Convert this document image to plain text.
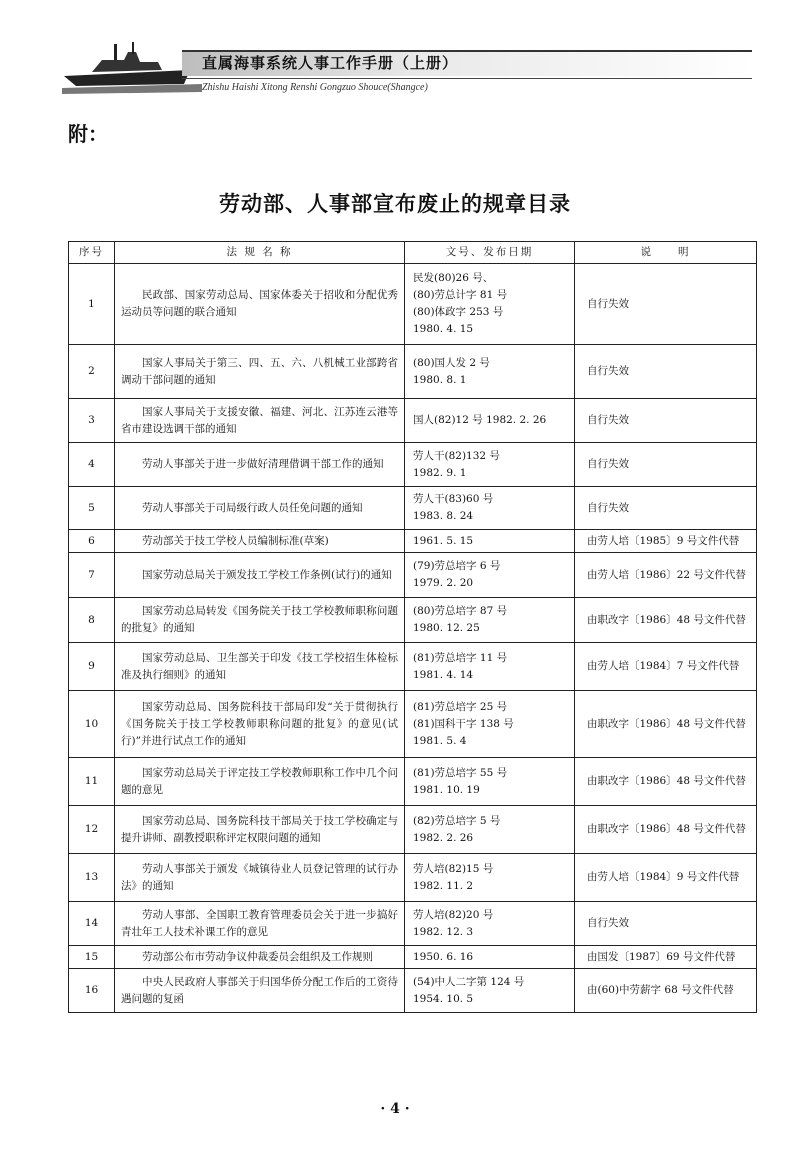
直属海事系统人事工作手册（上册）
Zhishu Haishi Xitong Renshi Gongzuo Shouce(Shangce)
附：
劳动部、人事部宣布废止的规章目录
序号	法 规 名 称	文号、发布日期	说　　明
1	民政部、国家劳动总局、国家体委关于招收和分配优秀运动员等问题的联合通知	民发(80)26 号、
(80)劳总计字 81 号
(80)体政字 253 号
1980. 4. 15	自行失效
2	国家人事局关于第三、四、五、六、八机械工业部跨省调动干部问题的通知	(80)国人发 2 号
1980. 8. 1	自行失效
3	国家人事局关于支援安徽、福建、河北、江苏连云港等省市建设选调干部的通知	国人(82)12 号 1982. 2. 26	自行失效
4	劳动人事部关于进一步做好清理借调干部工作的通知	劳人干(82)132 号
1982. 9. 1	自行失效
5	劳动人事部关于司局级行政人员任免问题的通知	劳人干(83)60 号
1983. 8. 24	自行失效
6	劳动部关于技工学校人员编制标准(草案)	1961. 5. 15	由劳人培〔1985〕9 号文件代替
7	国家劳动总局关于颁发技工学校工作条例(试行)的通知	(79)劳总培字 6 号
1979. 2. 20	由劳人培〔1986〕22 号文件代替
8	国家劳动总局转发《国务院关于技工学校教师职称问题的批复》的通知	(80)劳总培字 87 号
1980. 12. 25	由职改字〔1986〕48 号文件代替
9	国家劳动总局、卫生部关于印发《技工学校招生体检标准及执行细则》的通知	(81)劳总培字 11 号
1981. 4. 14	由劳人培〔1984〕7 号文件代替
10	国家劳动总局、国务院科技干部局印发“关于贯彻执行《国务院关于技工学校教师职称问题的批复》的意见(试行)”并进行试点工作的通知	(81)劳总培字 25 号
(81)国科干字 138 号
1981. 5. 4	由职改字〔1986〕48 号文件代替
11	国家劳动总局关于评定技工学校教师职称工作中几个问题的意见	(81)劳总培字 55 号
1981. 10. 19	由职改字〔1986〕48 号文件代替
12	国家劳动总局、国务院科技干部局关于技工学校确定与提升讲师、副教授职称评定权限问题的通知	(82)劳总培字 5 号
1982. 2. 26	由职改字〔1986〕48 号文件代替
13	劳动人事部关于颁发《城镇待业人员登记管理的试行办法》的通知	劳人培(82)15 号
1982. 11. 2	由劳人培〔1984〕9 号文件代替
14	劳动人事部、全国职工教育管理委员会关于进一步搞好青壮年工人技术补课工作的意见	劳人培(82)20 号
1982. 12. 3	自行失效
15	劳动部公布市劳动争议仲裁委员会组织及工作规则	1950. 6. 16	由国发〔1987〕69 号文件代替
16	中央人民政府人事部关于归国华侨分配工作后的工资待遇问题的复函	(54)中人二字第 124 号
1954. 10. 5	由(60)中劳薪字 68 号文件代替
· 4 ·
